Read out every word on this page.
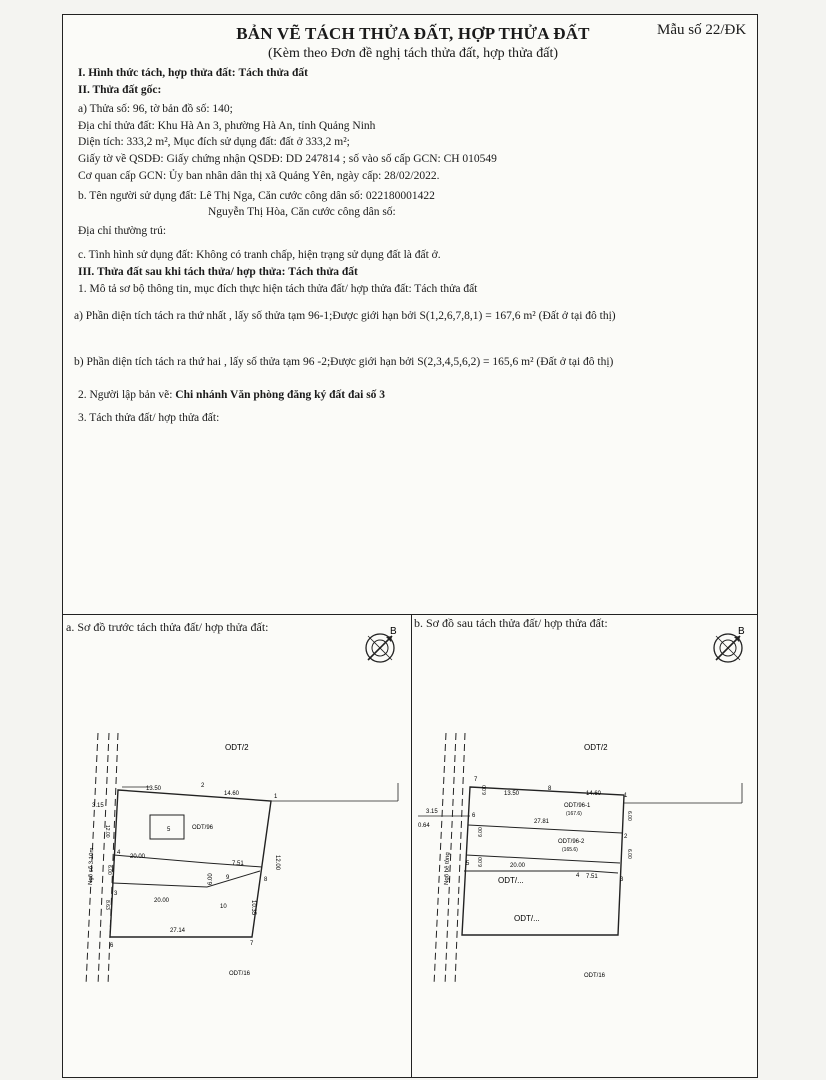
BẢN VẼ TÁCH THỬA ĐẤT, HỢP THỬA ĐẤT
(Kèm theo Đơn đề nghị tách thửa đất, hợp thửa đất)
Mẫu số 22/ĐK
I. Hình thức tách, hợp thửa đất: Tách thửa đất
II. Thửa đất gốc:
a) Thửa số: 96, tờ bản đồ số: 140;
Địa chỉ thửa đất: Khu Hà An 3, phường Hà An, tỉnh Quảng Ninh
Diện tích: 333,2 m², Mục đích sử dụng đất: đất ở 333,2 m²;
Giấy tờ về QSDĐ: Giấy chứng nhận QSDĐ: DD 247814 ; số vào số cấp GCN: CH 010549
Cơ quan cấp GCN: Ủy ban nhân dân thị xã Quảng Yên, ngày cấp: 28/02/2022.
b. Tên người sử dụng đất: Lê Thị Nga, Căn cước công dân số: 022180001422
Nguyễn Thị Hòa, Căn cước công dân số:
Địa chỉ thường trú:
c. Tình hình sử dụng đất: Không có tranh chấp, hiện trạng sử dụng đất là đất ở.
III. Thửa đất sau khi tách thửa/ hợp thửa: Tách thửa đất
1. Mô tả sơ bộ thông tin, mục đích thực hiện tách thửa đất/ hợp thửa đất: Tách thửa đất
a) Phần diện tích tách ra thứ nhất , lấy số thửa tạm 96-1;Được giới hạn bởi S(1,2,6,7,8,1) = 167,6 m² (Đất ở tại đô thị)
b) Phần diện tích tách ra thứ hai , lấy số thửa tạm 96 -2;Được giới hạn bởi S(2,3,4,5,6,2) = 165,6 m² (Đất ở tại đô thị)
2. Người lập bản vẽ: Chi nhánh Văn phòng đăng ký đất đai số 3
3. Tách thửa đất/ hợp thửa đất:
a. Sơ đồ trước tách thửa đất/ hợp thửa đất:	b. Sơ đồ sau tách thửa đất/ hợp thửa đất:
B
ODT/2
Ngõ số 3 10m
5	ODT/96
13.50
14.60
12.00
20.00
7.51
6.00
20.00	10.35
27.14
3.15
12.00
6.00
8.63
2
1
4
9	8
3
10
6	7
ODT/16
B
ODT/2
Ngõ bê tông
ODT/96-1
(167.6)
ODT/96-2
(165.6)
ODT/...
ODT/...
13.50	14.60
6.00
27.81
6.00
20.00
7.51
6.00
6.00
6.00
3.15
0.64
7
8
1
6
2
5
4
3
ODT/16
